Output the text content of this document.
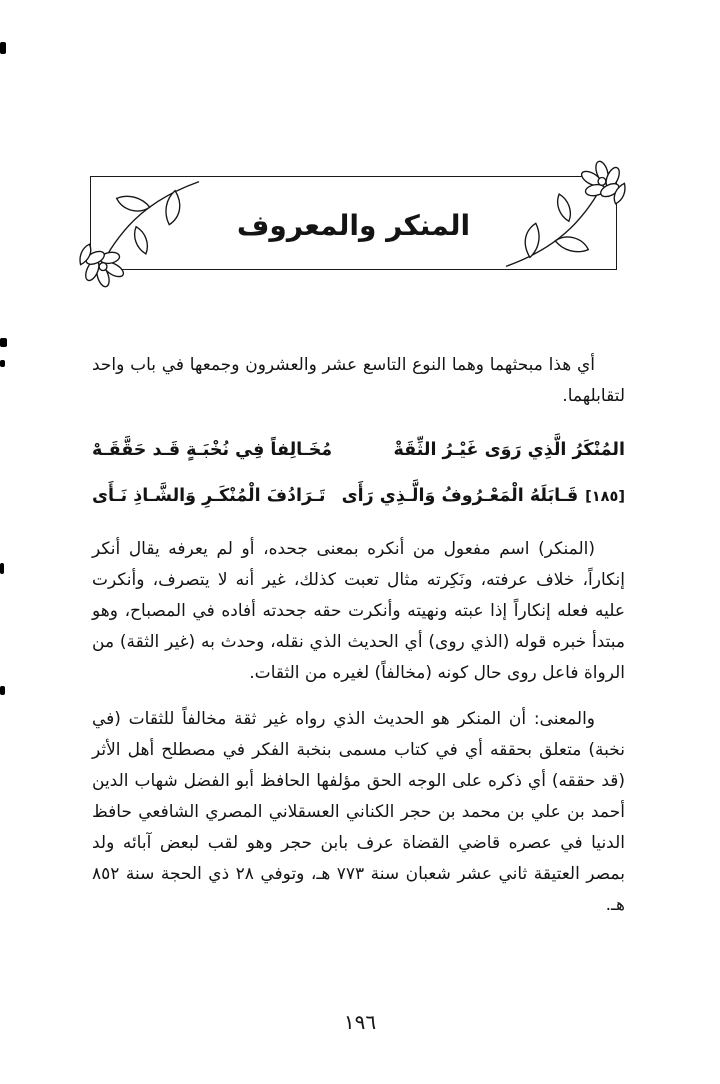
المنكر والمعروف

أي هذا مبحثهما وهما النوع التاسع عشر والعشرون وجمعها في باب واحد لتقابلهما.

المُنْكَرُ الَّذِي رَوَى غَيْـرُ الثِّقَةْ
مُخَـالِفاً فِي نُخْبَـةٍ قَـد حَقَّقَـهْ
[١٨٥]
قَـابَلَهُ الْمَعْـرُوفُ وَالَّـذِي رَأَى
تَـرَادُفَ الْمُنْكَـرِ وَالشَّـاذِ نَـأَى

(المنكر) اسم مفعول من أنكره بمعنى جحده، أو لم يعرفه يقال أنكر إنكاراً، خلاف عرفته، ونَكِرته مثال تعبت كذلك، غير أنه لا يتصرف، وأنكرت عليه فعله إنكاراً إذا عبته ونهيته وأنكرت حقه جحدته أفاده في المصباح، وهو مبتدأ خبره قوله (الذي روى) أي الحديث الذي نقله، وحدث به (غير الثقة) من الرواة فاعل روى حال كونه (مخالفاً) لغيره من الثقات.

والمعنى: أن المنكر هو الحديث الذي رواه غير ثقة مخالفاً للثقات (في نخبة) متعلق بحققه أي في كتاب مسمى بنخبة الفكر في مصطلح أهل الأثر (قد حققه) أي ذكره على الوجه الحق مؤلفها الحافظ أبو الفضل شهاب الدين أحمد بن علي بن محمد بن حجر الكناني العسقلاني المصري الشافعي حافظ الدنيا في عصره قاضي القضاة عرف بابن حجر وهو لقب لبعض آبائه ولد بمصر العتيقة ثاني عشر شعبان سنة ٧٧٣ هـ، وتوفي ٢٨ ذي الحجة سنة ٨٥٢ هـ.

١٩٦
